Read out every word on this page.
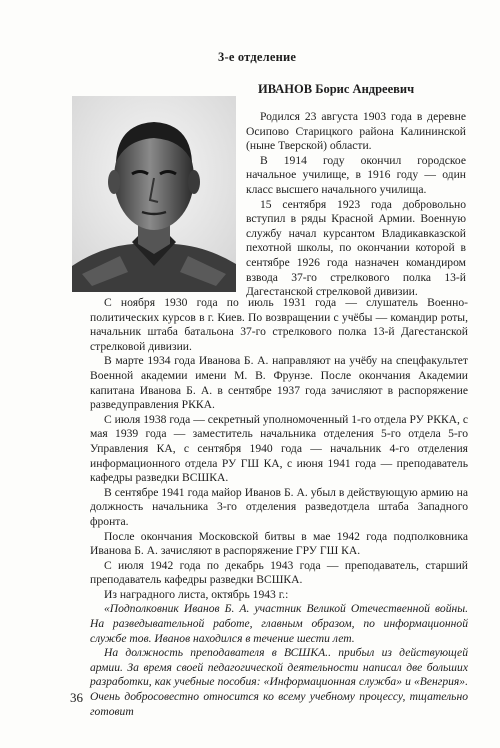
3-е отделение
ИВАНОВ Борис Андреевич

Родился 23 августа 1903 года в деревне Осипово Старицкого района Калининской (ныне Тверской) области.

В 1914 году окончил городское начальное училище, в 1916 году — один класс высшего начального училища.

15 сентября 1923 года добровольно вступил в ряды Красной Армии. Военную службу начал курсантом Владикавказской пехотной школы, по окончании которой в сентябре 1926 года назначен командиром взвода 37-го стрелкового полка 13-й Дагестанской стрелковой дивизии.

С ноября 1930 года по июль 1931 года — слушатель Военно-политических курсов в г. Киев. По возвращении с учёбы — командир роты, начальник штаба батальона 37-го стрелкового полка 13-й Дагестанской стрелковой дивизии.

В марте 1934 года Иванова Б. А. направляют на учёбу на спецфакультет Военной академии имени М. В. Фрунзе. После окончания Академии капитана Иванова Б. А. в сентябре 1937 года зачисляют в распоряжение разведуправления РККА.

С июля 1938 года — секретный уполномоченный 1-го отдела РУ РККА, с мая 1939 года — заместитель начальника отделения 5-го отдела 5-го Управления КА, с сентября 1940 года — начальник 4-го отделения информационного отдела РУ ГШ КА, с июня 1941 года — преподаватель кафедры разведки ВСШКА.

В сентябре 1941 года майор Иванов Б. А. убыл в действующую армию на должность начальника 3-го отделения разведотдела штаба Западного фронта.

После окончания Московской битвы в мае 1942 года подполковника Иванова Б. А. зачисляют в распоряжение ГРУ ГШ КА.

С июля 1942 года по декабрь 1943 года — преподаватель, старший преподаватель кафедры разведки ВСШКА.

Из наградного листа, октябрь 1943 г.:

«Подполковник Иванов Б. А. участник Великой Отечественной войны. На разведывательной работе, главным образом, по информационной службе тов. Иванов находился в течение шести лет.

На должность преподавателя в ВСШКА.. прибыл из действующей армии. За время своей педагогической деятельности написал две больших разработки, как учебные пособия: «Информационная служба» и «Венгрия». Очень добросовестно относится ко всему учебному процессу, тщательно готовит

36
